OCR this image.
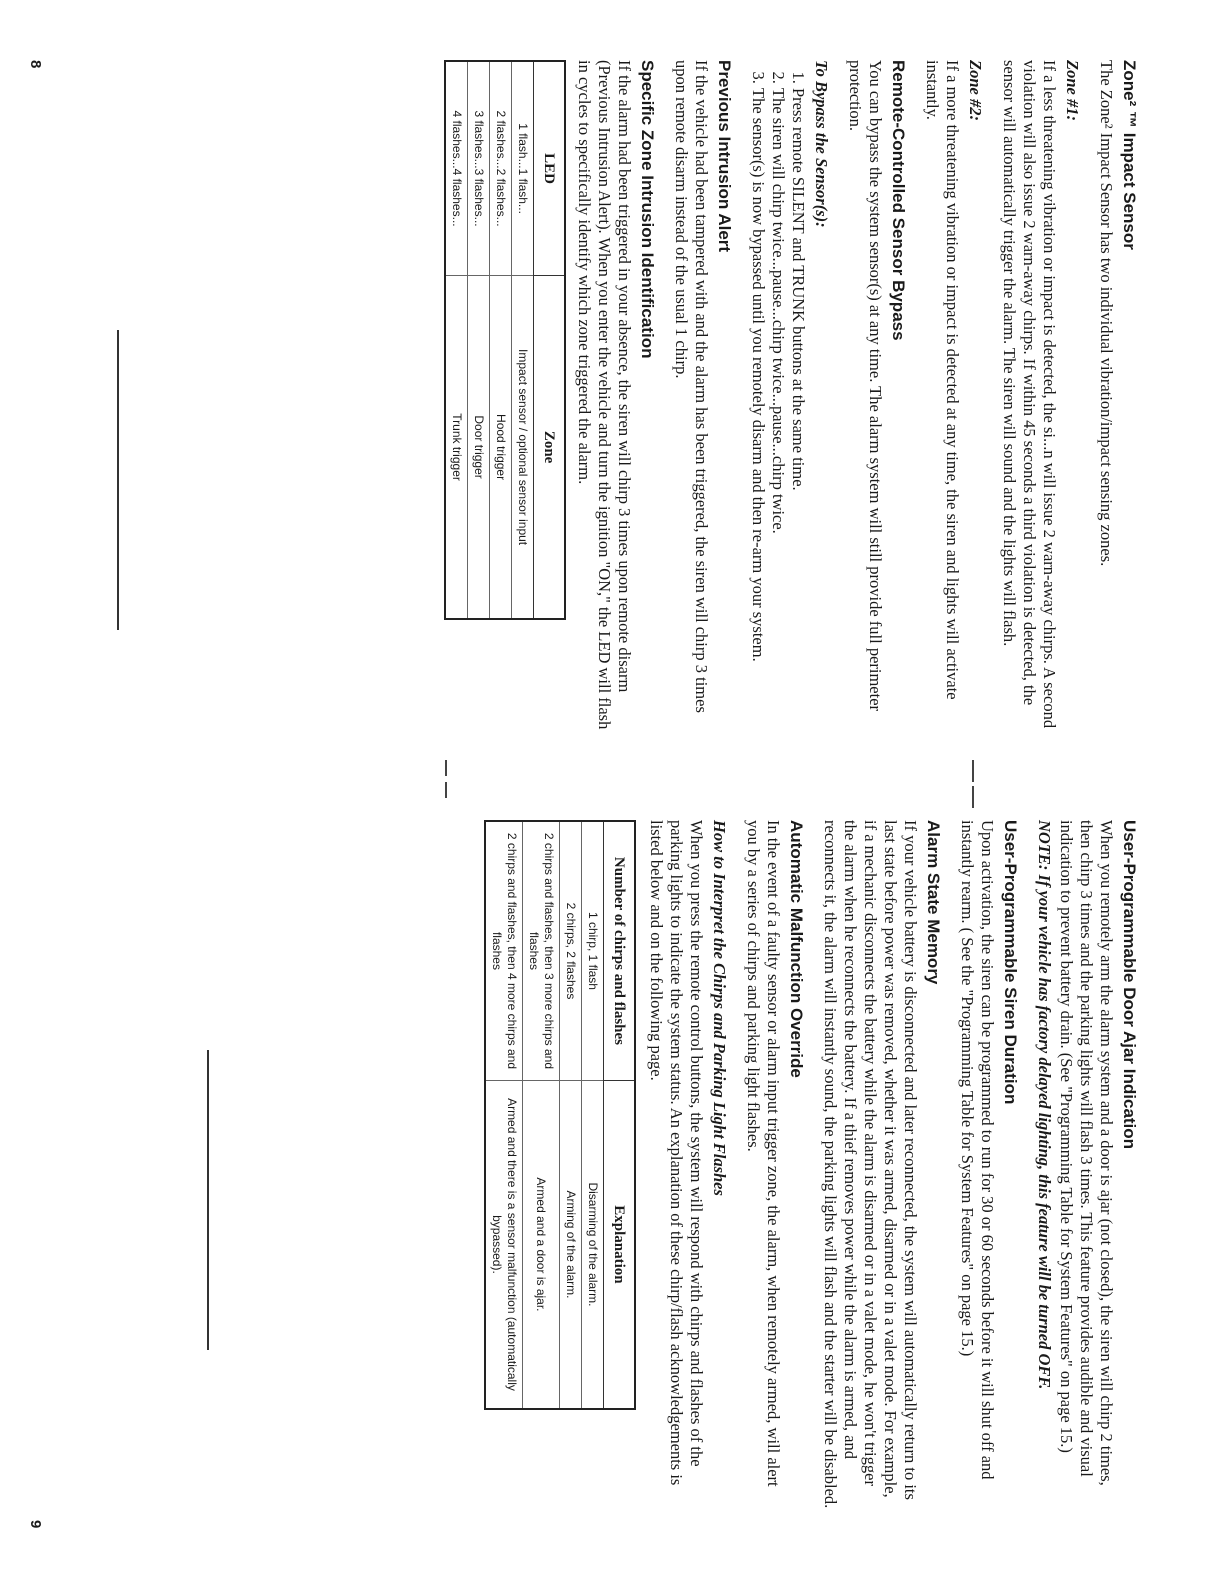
Zone² ™ Impact Sensor

The Zone² Impact Sensor has two individual vibration/impact sensing zones.

Zone #1:

If a less threatening vibration or impact is detected, the si...n will issue 2 warn-away chirps. A second violation will also issue 2 warn-away chirps. If within 45 seconds a third violation is detected, the sensor will automatically trigger the alarm. The siren will sound and the lights will flash.

Zone #2:

If a more threatening vibration or impact is detected at any time, the siren and lights will activate instantly.

Remote-Controlled Sensor Bypass

You can bypass the system sensor(s) at any time. The alarm system will still provide full perimeter protection.

To Bypass the Sensor(s):
1. Press remote SILENT and TRUNK buttons at the same time.
2. The siren will chirp twice...pause...chirp twice...pause...chirp twice.
3. The sensor(s) is now bypassed until you remotely disarm and then re-arm your system.
Previous Intrusion Alert

If the vehicle had been tampered with and the alarm has been triggered, the siren will chirp 3 times upon remote disarm instead of the usual 1 chirp.

Specific Zone Intrusion Identification

If the alarm had been triggered in your absence, the siren will chirp 3 times upon remote disarm (Previous Intrusion Alert). When you enter the vehicle and turn the ignition "ON," the LED will flash in cycles to specifically identify which zone triggered the alarm.

LED	Zone
1 flash...1 flash...	Impact sensor / optional sensor input
2 flashes...2 flashes...	Hood trigger
3 flashes...3 flashes...	Door trigger
4 flashes...4 flashes...	Trunk trigger
User-Programmable Door Ajar Indication

When you remotely arm the alarm system and a door is ajar (not closed), the siren will chirp 2 times, then chirp 3 times and the parking lights will flash 3 times. This feature provides audible and visual indication to prevent battery drain. (See "Programming Table for System Features" on page 15.)

NOTE: If your vehicle has factory delayed lighting, this feature will be turned OFF.
User-Programmable Siren Duration

Upon activation, the siren can be programmed to run for 30 or 60 seconds before it will shut off and instantly rearm. ( See the "Programming Table for System Features" on page 15.)

Alarm State Memory

If your vehicle battery is disconnected and later reconnected, the system will automatically return to its last state before power was removed, whether it was armed, disarmed or in a valet mode. For example, if a mechanic disconnects the battery while the alarm is disarmed or in a valet mode, he won't trigger the alarm when he reconnects the battery. If a thief removes power while the alarm is armed, and reconnects it, the alarm will instantly sound, the parking lights will flash and the starter will be disabled.

Automatic Malfunction Override

In the event of a faulty sensor or alarm input trigger zone, the alarm, when remotely armed, will alert you by a series of chirps and parking light flashes.

How to Interpret the Chirps and Parking Light Flashes

When you press the remote control buttons, the system will respond with chirps and flashes of the parking lights to indicate the system status. An explanation of these chirp/flash acknowledgements is listed below and on the following page.

Number of chirps and flashes	Explanation
1 chirp, 1 flash	Disarming of the alarm.
2 chirps, 2 flashes	Arming of the alarm.
2 chirps and flashes, then 3 more chirps and flashes	Armed and a door is ajar.
2 chirps and flashes, then 4 more chirps and flashes	Armed and there is a sensor malfunction (automatically bypassed).
8
9
